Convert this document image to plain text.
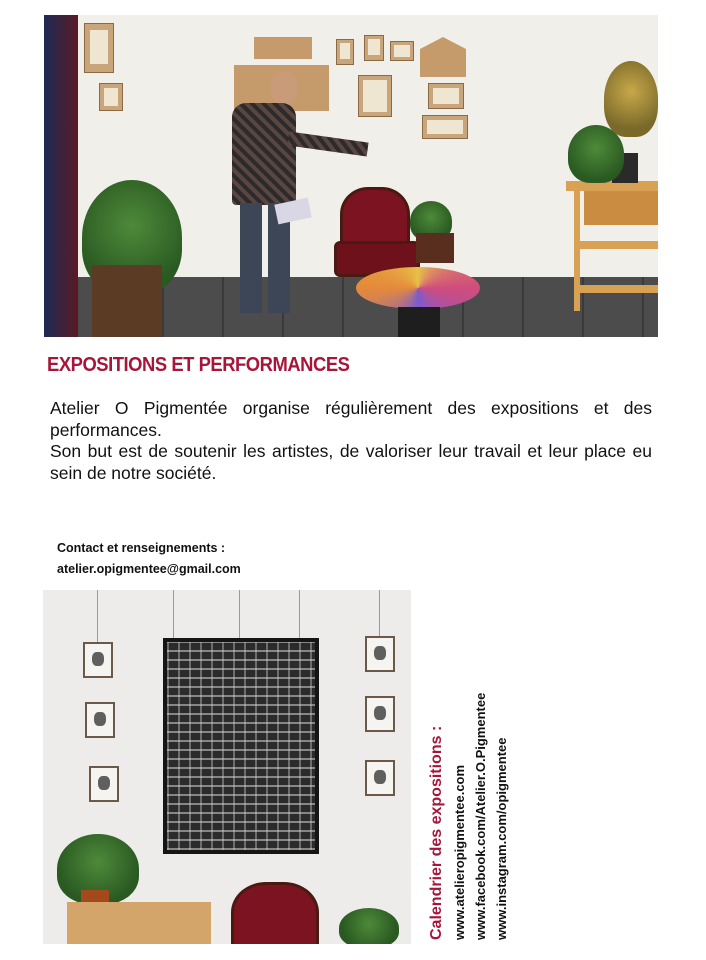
EXPOSITIONS ET PERFORMANCES

Atelier O Pigmentée organise régulièrement des expositions et des performances.

Son but est de soutenir les artistes, de valoriser leur travail et leur place eu sein de notre société.

Contact et renseignements :
atelier.opigmentee@gmail.com
Calendrier des expositions : www.atelieropigmentee.com www.facebook.com/Atelier.O.Pigmentee www.instagram.com/opigmentee
